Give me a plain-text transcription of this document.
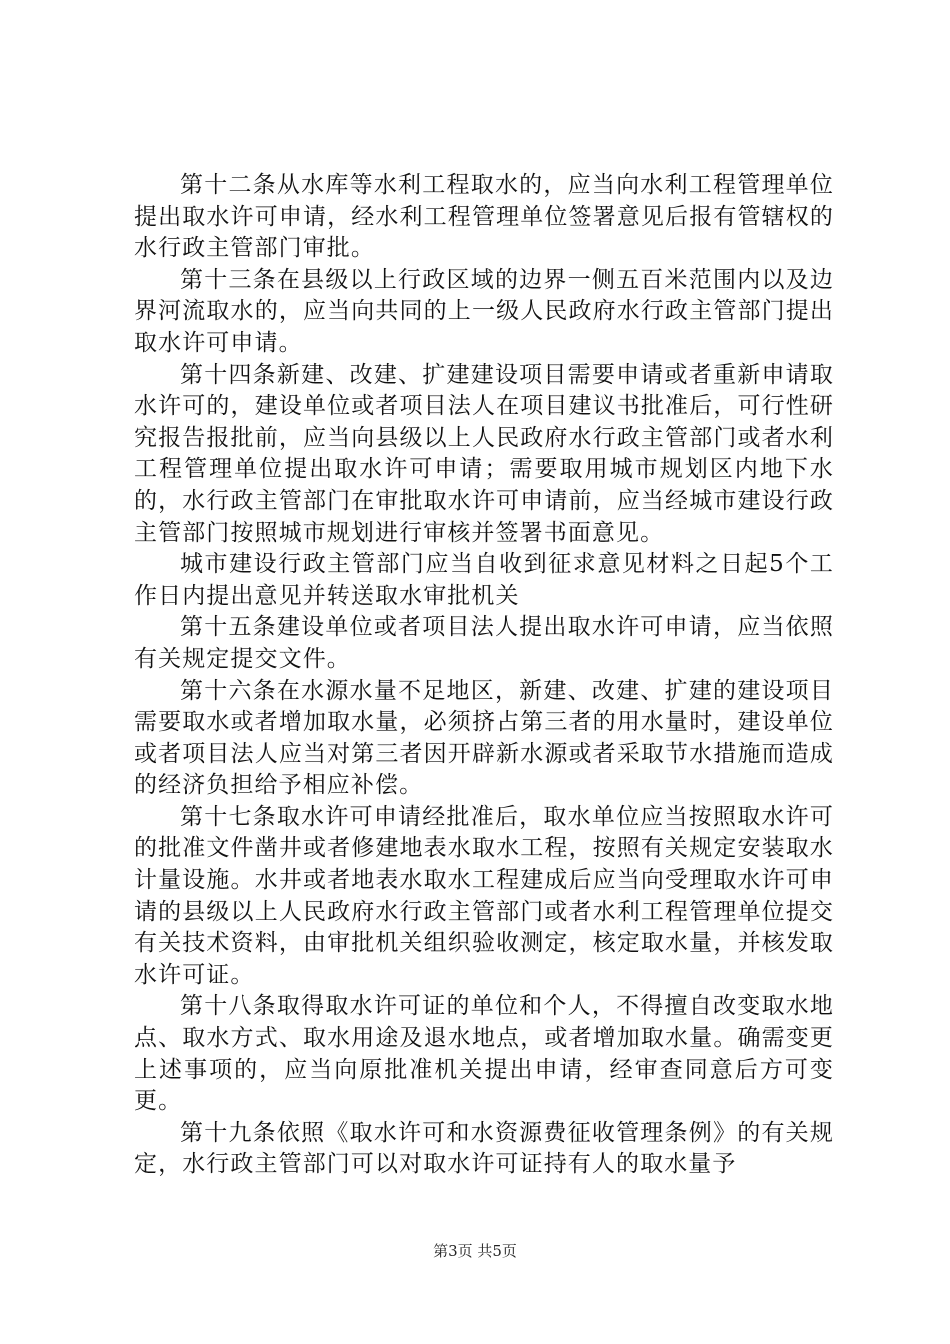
第十二条从水库等水利工程取水的，应当向水利工程管理单位提出取水许可申请，经水利工程管理单位签署意见后报有管辖权的水行政主管部门审批。

第十三条在县级以上行政区域的边界一侧五百米范围内以及边界河流取水的，应当向共同的上一级人民政府水行政主管部门提出取水许可申请。

第十四条新建、改建、扩建建设项目需要申请或者重新申请取水许可的，建设单位或者项目法人在项目建议书批准后，可行性研究报告报批前，应当向县级以上人民政府水行政主管部门或者水利工程管理单位提出取水许可申请；需要取用城市规划区内地下水的，水行政主管部门在审批取水许可申请前，应当经城市建设行政主管部门按照城市规划进行审核并签署书面意见。

城市建设行政主管部门应当自收到征求意见材料之日起5个工作日内提出意见并转送取水审批机关

第十五条建设单位或者项目法人提出取水许可申请，应当依照有关规定提交文件。

第十六条在水源水量不足地区，新建、改建、扩建的建设项目需要取水或者增加取水量，必须挤占第三者的用水量时，建设单位或者项目法人应当对第三者因开辟新水源或者采取节水措施而造成的经济负担给予相应补偿。

第十七条取水许可申请经批准后，取水单位应当按照取水许可的批准文件凿井或者修建地表水取水工程，按照有关规定安装取水计量设施。水井或者地表水取水工程建成后应当向受理取水许可申请的县级以上人民政府水行政主管部门或者水利工程管理单位提交有关技术资料，由审批机关组织验收测定，核定取水量，并核发取水许可证。

第十八条取得取水许可证的单位和个人，不得擅自改变取水地点、取水方式、取水用途及退水地点，或者增加取水量。确需变更上述事项的，应当向原批准机关提出申请，经审查同意后方可变更。

第十九条依照《取水许可和水资源费征收管理条例》的有关规定，水行政主管部门可以对取水许可证持有人的取水量予

第3页 共5页
